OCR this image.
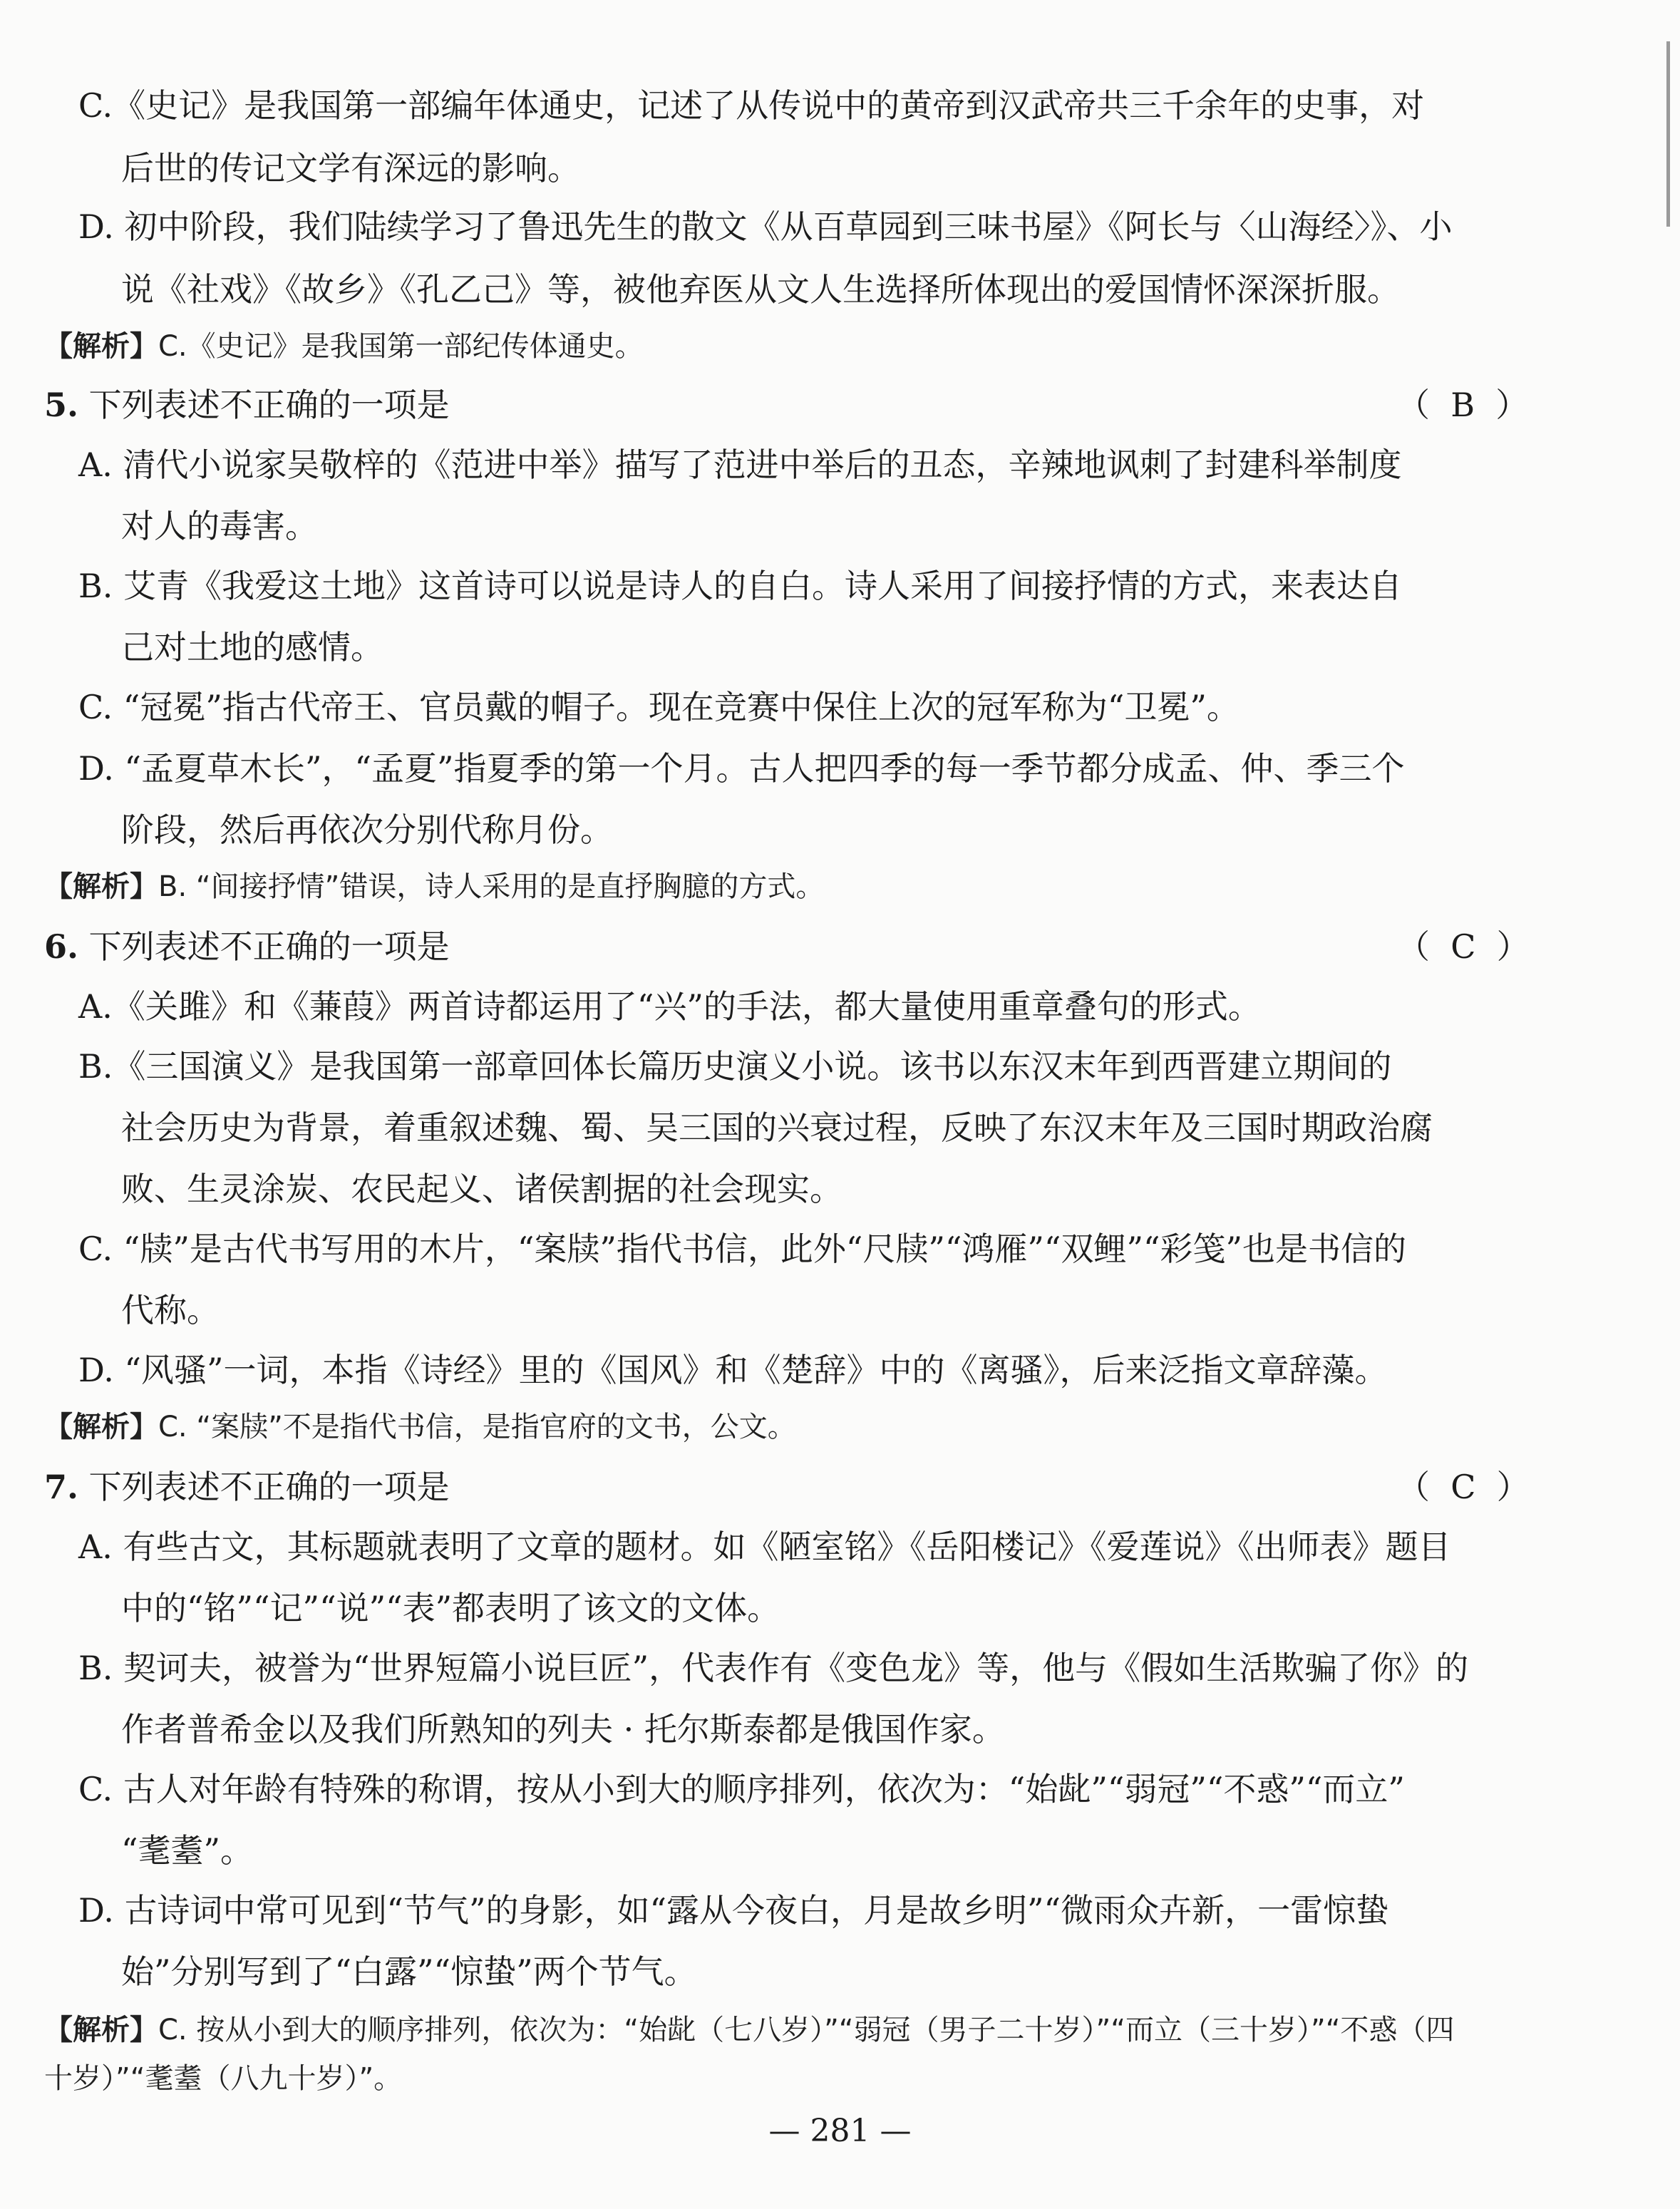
C.《史记》是我国第一部编年体通史，记述了从传说中的黄帝到汉武帝共三千余年的史事，对
后世的传记文学有深远的影响。
D. 初中阶段，我们陆续学习了鲁迅先生的散文《从百草园到三味书屋》《阿长与〈山海经〉》、小
说《社戏》《故乡》《孔乙己》等，被他弃医从文人生选择所体现出的爱国情怀深深折服。
【解析】C.《史记》是我国第一部纪传体通史。
5. 下列表述不正确的一项是	（  B  ）
A. 清代小说家吴敬梓的《范进中举》描写了范进中举后的丑态，辛辣地讽刺了封建科举制度
对人的毒害。
B. 艾青《我爱这土地》这首诗可以说是诗人的自白。诗人采用了间接抒情的方式，来表达自
己对土地的感情。
C. “冠冕”指古代帝王、官员戴的帽子。现在竞赛中保住上次的冠军称为“卫冕”。
D. “孟夏草木长”，“孟夏”指夏季的第一个月。古人把四季的每一季节都分成孟、仲、季三个
阶段，然后再依次分别代称月份。
【解析】B. “间接抒情”错误，诗人采用的是直抒胸臆的方式。
6. 下列表述不正确的一项是	（  C  ）
A.《关雎》和《蒹葭》两首诗都运用了“兴”的手法，都大量使用重章叠句的形式。
B.《三国演义》是我国第一部章回体长篇历史演义小说。该书以东汉末年到西晋建立期间的
社会历史为背景，着重叙述魏、蜀、吴三国的兴衰过程，反映了东汉末年及三国时期政治腐
败、生灵涂炭、农民起义、诸侯割据的社会现实。
C. “牍”是古代书写用的木片，“案牍”指代书信，此外“尺牍”“鸿雁”“双鲤”“彩笺”也是书信的
代称。
D. “风骚”一词，本指《诗经》里的《国风》和《楚辞》中的《离骚》，后来泛指文章辞藻。
【解析】C. “案牍”不是指代书信，是指官府的文书，公文。
7. 下列表述不正确的一项是	（  C  ）
A. 有些古文，其标题就表明了文章的题材。如《陋室铭》《岳阳楼记》《爱莲说》《出师表》题目
中的“铭”“记”“说”“表”都表明了该文的文体。
B. 契诃夫，被誉为“世界短篇小说巨匠”，代表作有《变色龙》等，他与《假如生活欺骗了你》的
作者普希金以及我们所熟知的列夫 · 托尔斯泰都是俄国作家。
C. 古人对年龄有特殊的称谓，按从小到大的顺序排列，依次为：“始龀”“弱冠”“不惑”“而立”
“耄耋”。
D. 古诗词中常可见到“节气”的身影，如“露从今夜白，月是故乡明”“微雨众卉新，一雷惊蛰
始”分别写到了“白露”“惊蛰”两个节气。
【解析】C. 按从小到大的顺序排列，依次为：“始龀（七八岁）”“弱冠（男子二十岁）”“而立（三十岁）”“不惑（四
十岁）”“耄耋（八九十岁）”。
— 281 —
